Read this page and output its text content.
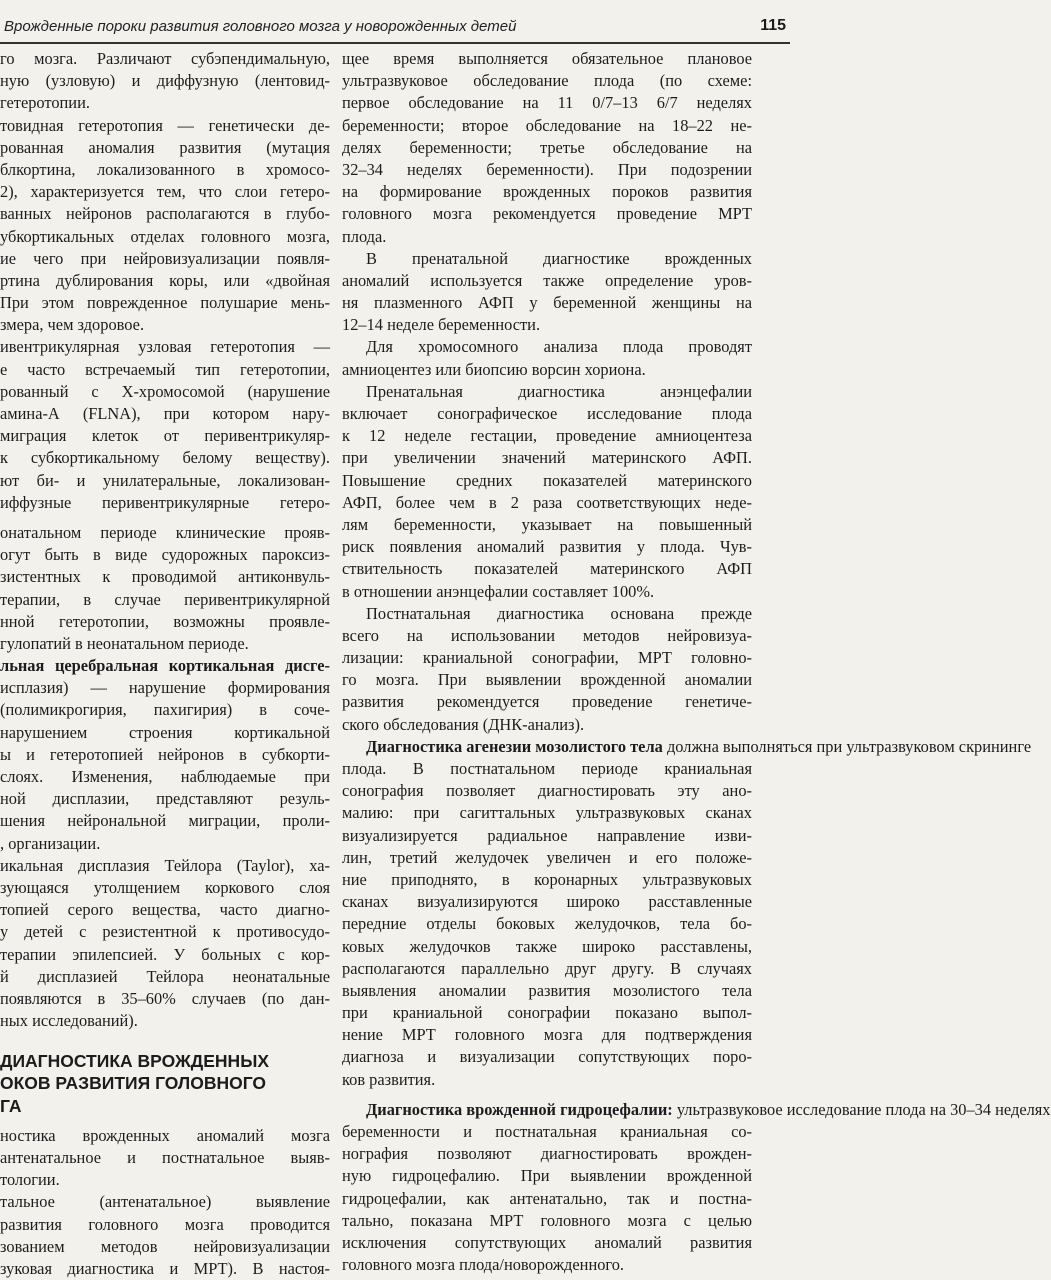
Врожденные пороки развития головного мозга у новорожденных детей	115
го мозга. Различают субэпендимальную,
ную (узловую) и диффузную (лентовид-
гетеротопии.
товидная гетеротопия — генетически де-
рованная аномалия развития (мутация
блкортина, локализованного в хромосо-
2), характеризуется тем, что слои гетеро-
ванных нейронов располагаются в глубо-
убкортикальных отделах головного мозга,
ие чего при нейровизуализации появля-
ртина дублирования коры, или «двойная
При этом поврежденное полушарие мень-
змера, чем здоровое.
ивентрикулярная узловая гетеротопия —
е часто встречаемый тип гетеротопии,
рованный с Х-хромосомой (нарушение
амина-А (FLNA), при котором нару-
миграция клеток от перивентрикуляр-
к субкортикальному белому веществу).
ют би- и унилатеральные, локализован-
иффузные перивентрикулярные гетеро-
онатальном периоде клинические прояв-
огут быть в виде судорожных пароксиз-
зистентных к проводимой антиконвуль-
терапии, в случае перивентрикулярной
нной гетеротопии, возможны проявле-
гулопатий в неонатальном периоде.
льная церебральная кортикальная дисге-
исплазия) — нарушение формирования
(полимикрогирия, пахигирия) в соче-
нарушением строения кортикальной
ы и гетеротопией нейронов в субкорти-
слоях. Изменения, наблюдаемые при
ной дисплазии, представляют резуль-
шения нейрональной миграции, проли-
, организации.
икальная дисплазия Тейлора (Taylor), ха-
зующаяся утолщением коркового слоя
топией серого вещества, часто диагно-
у детей с резистентной к противосудо-
терапии эпилепсией. У больных с кор-
й дисплазией Тейлора неонатальные
появляются в 35–60% случаев (по дан-
ных исследований).
ДИАГНОСТИКА ВРОЖДЕННЫХ
ОКОВ РАЗВИТИЯ ГОЛОВНОГО
ГА
ностика врожденных аномалий мозга
антенатальное и постнатальное выяв-
тологии.
тальное (антенатальное) выявление
развития головного мозга проводится
зованием методов нейровизуализации
зуковая диагностика и МРТ). В настоя-
щее время выполняется обязательное плановое
ультразвуковое обследование плода (по схеме:
первое обследование на 11 0/7–13 6/7 неделях
беременности; второе обследование на 18–22 не-
делях беременности; третье обследование на
32–34 неделях беременности). При подозрении
на формирование врожденных пороков развития
головного мозга рекомендуется проведение МРТ
плода.
В пренатальной диагностике врожденных
аномалий используется также определение уров-
ня плазменного АФП у беременной женщины на
12–14 неделе беременности.
Для хромосомного анализа плода проводят
амниоцентез или биопсию ворсин хориона.
Пренатальная диагностика анэнцефалии
включает сонографическое исследование плода
к 12 неделе гестации, проведение амниоцентеза
при увеличении значений материнского АФП.
Повышение средних показателей материнского
АФП, более чем в 2 раза соответствующих неде-
лям беременности, указывает на повышенный
риск появления аномалий развития у плода. Чув-
ствительность показателей материнского АФП
в отношении анэнцефалии составляет 100%.
Постнатальная диагностика основана прежде
всего на использовании методов нейровизуа-
лизации: краниальной сонографии, МРТ головно-
го мозга. При выявлении врожденной аномалии
развития рекомендуется проведение генетиче-
ского обследования (ДНК-анализ).
Диагностика агенезии мозолистого тела должна выполняться при ультразвуковом скрининге
плода. В постнатальном периоде краниальная
сонография позволяет диагностировать эту ано-
малию: при сагиттальных ультразвуковых сканах
визуализируется радиальное направление изви-
лин, третий желудочек увеличен и его положе-
ние приподнято, в коронарных ультразвуковых
сканах визуализируются широко расставленные
передние отделы боковых желудочков, тела бо-
ковых желудочков также широко расставлены,
располагаются параллельно друг другу. В случаях
выявления аномалии развития мозолистого тела
при краниальной сонографии показано выпол-
нение МРТ головного мозга для подтверждения
диагноза и визуализации сопутствующих поро-
ков развития.
Диагностика врожденной гидроцефалии: ультразвуковое исследование плода на 30–34 неделях
беременности и постнатальная краниальная со-
нография позволяют диагностировать врожден-
ную гидроцефалию. При выявлении врожденной
гидроцефалии, как антенатально, так и постна-
тально, показана МРТ головного мозга с целью
исключения сопутствующих аномалий развития
головного мозга плода/новорожденного.
